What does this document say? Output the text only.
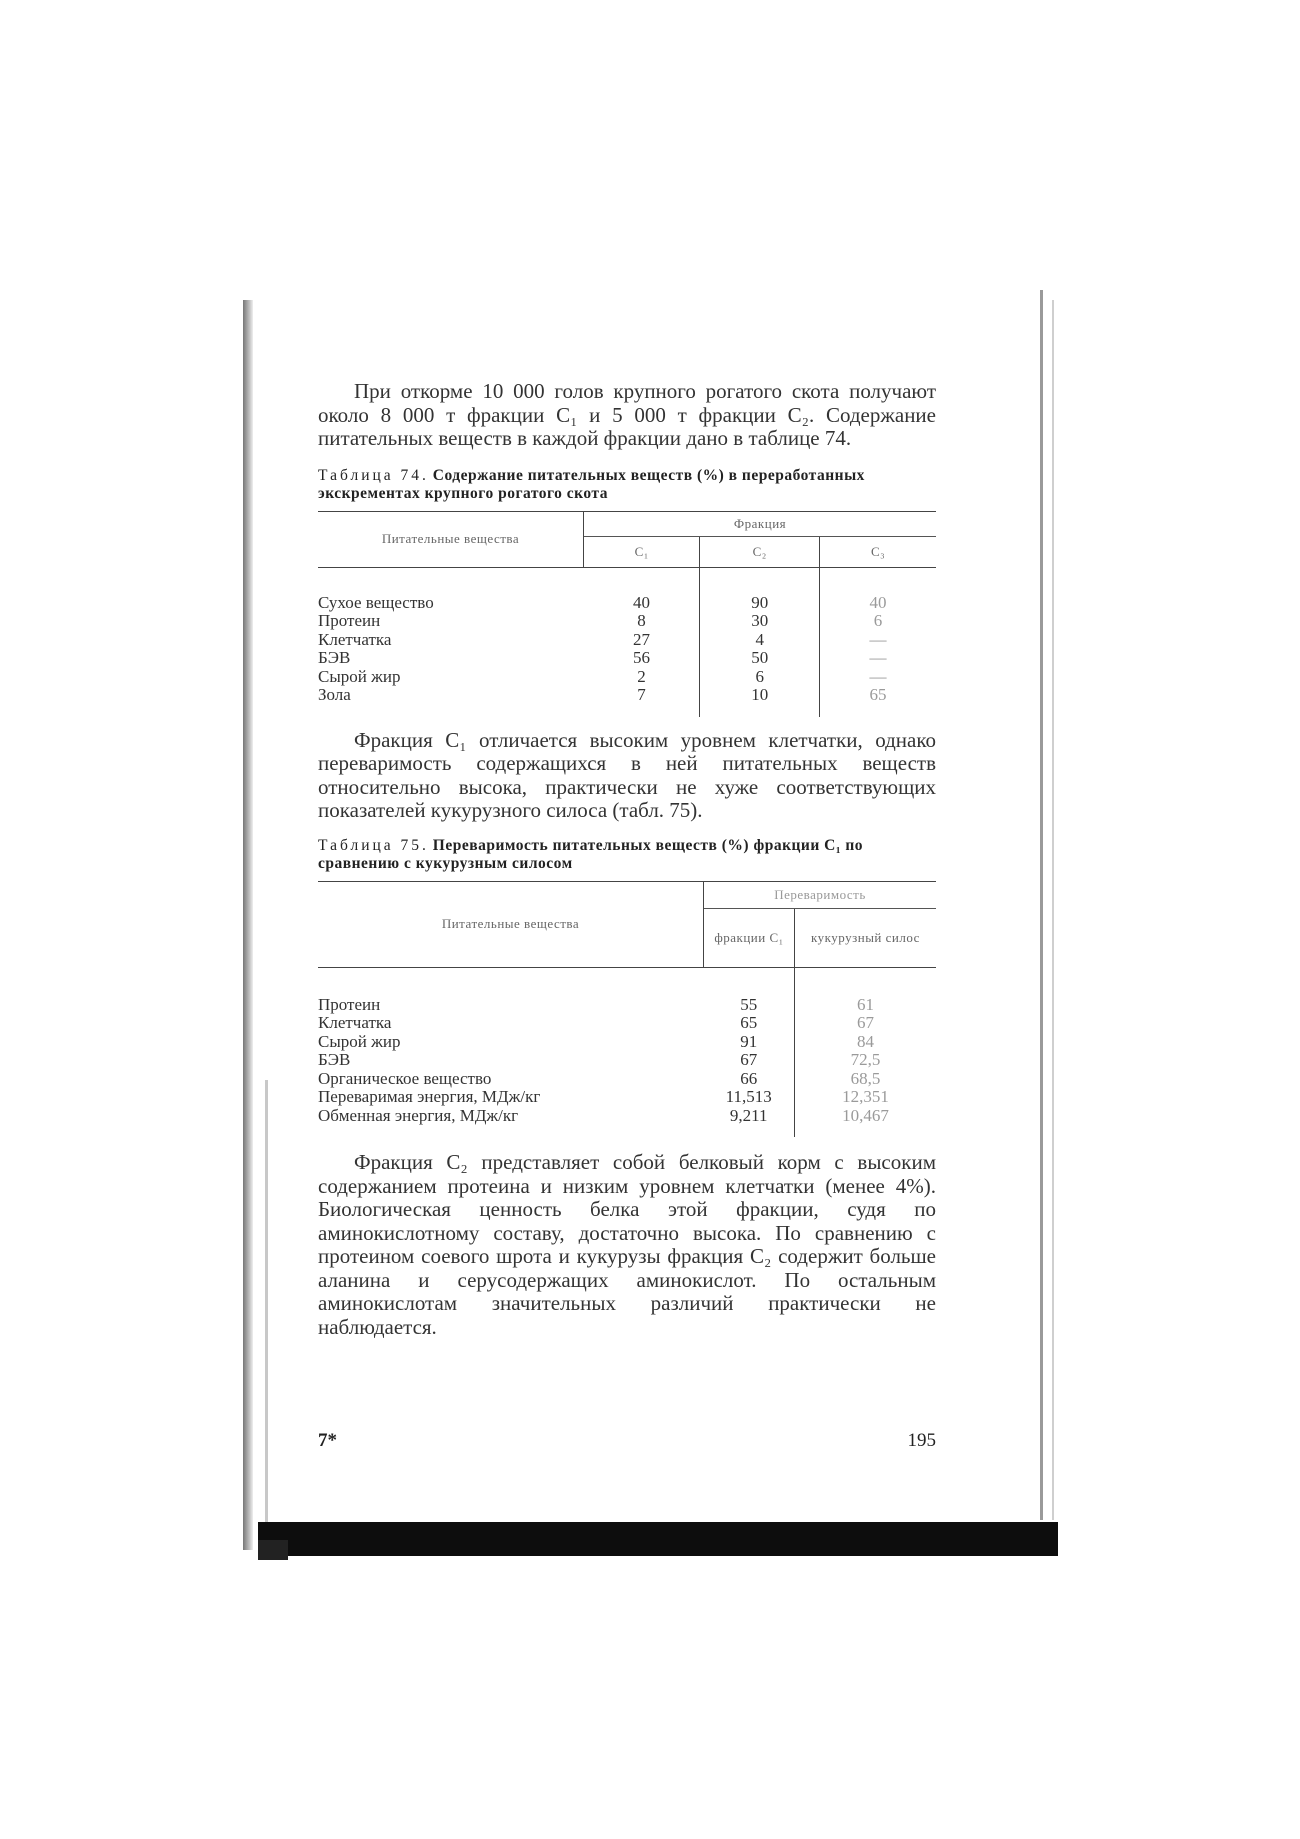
При откорме 10 000 голов крупного рогатого скота получают около 8 000 т фракции C₁ и 5 000 т фракции C₂. Содержание питательных веществ в каждой фракции дано в таблице 74.

Таблица 74. Содержание питательных веществ (%) в переработанных экскрементах крупного рогатого скота
Питательные вещества	Фракция		
	C₁	C₂	C₃

Сухое вещество	40	90	40
Протеин	8	30	6
Клетчатка	27	4	—
БЭВ	56	50	—
Сырой жир	2	6	—
Зола	7	10	65

Фракция C₁ отличается высоким уровнем клетчатки, однако переваримость содержащихся в ней питательных веществ относительно высока, практически не хуже соответствующих показателей кукурузного силоса (табл. 75).

Таблица 75. Переваримость питательных веществ (%) фракции C₁ по сравнению с кукурузным силосом
Питательные вещества	Переваримость	
	фракции C₁	кукурузный силос

Протеин	55	61
Клетчатка	65	67
Сырой жир	91	84
БЭВ	67	72,5
Органическое вещество	66	68,5
Переваримая энергия, МДж/кг	11,513	12,351
Обменная энергия, МДж/кг	9,211	10,467

Фракция C₂ представляет собой белковый корм с высоким содержанием протеина и низким уровнем клетчатки (менее 4%). Биологическая ценность белка этой фракции, судя по аминокислотному составу, достаточно высока. По сравнению с протеином соевого шрота и кукурузы фракция C₂ содержит больше аланина и серусодержащих аминокислот. По остальным аминокислотам значительных различий практически не наблюдается.

7*	195
